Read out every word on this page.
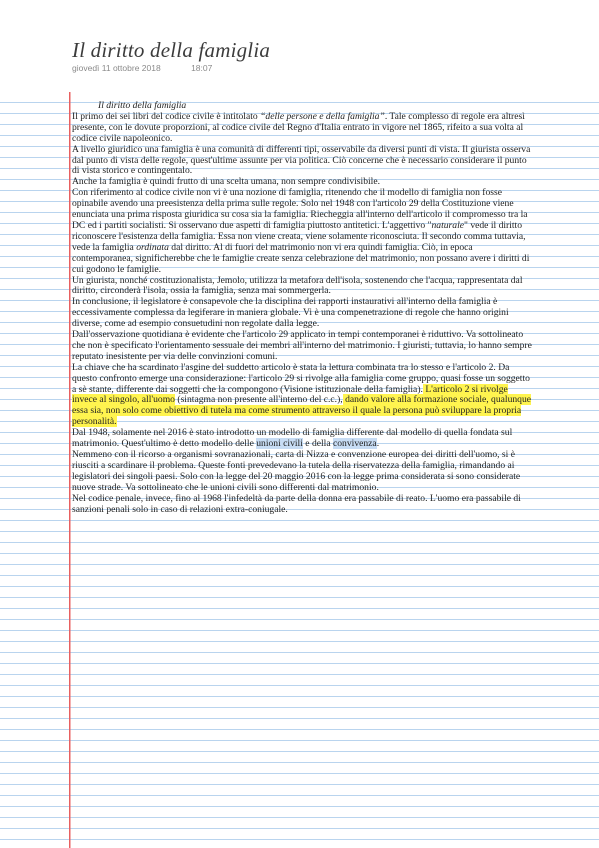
Il diritto della famiglia
giovedì 11 ottobre 2018	18:07

Il diritto della famiglia

Il primo dei sei libri del codice civile è intitolato “delle persone e della famiglia”. Tale complesso di regole era altresì presente, con le dovute proporzioni, al codice civile del Regno d'Italia entrato in vigore nel 1865, rifeito a sua volta al codice civile napoleonico.

A livello giuridico una famiglia è una comunità di differenti tipi, osservabile da diversi punti di vista. Il giurista osserva dal punto di vista delle regole, quest'ultime assunte per via politica. Ciò concerne che è necessario considerare il punto di vista storico e contingentalo.

Anche la famiglia è quindi frutto di una scelta umana, non sempre condivisibile.

Con riferimento al codice civile non vi è una nozione di famiglia, ritenendo che il modello di famiglia non fosse opinabile avendo una preesistenza della prima sulle regole. Solo nel 1948 con l'articolo 29 della Costituzione viene enunciata una prima risposta giuridica su cosa sia la famiglia. Riecheggia all'interno dell'articolo il compromesso tra la DC ed i partiti socialisti. Si osservano due aspetti di famiglia piuttosto antitetici. L'aggettivo "naturale" vede il diritto riconoscere l'esistenza della famiglia. Essa non viene creata, viene solamente riconosciuta. Il secondo comma tuttavia, vede la famiglia ordinata dal diritto. Al di fuori del matrimonio non vi era quindi famiglia. Ciò, in epoca contemporanea, significherebbe che le famiglie create senza celebrazione del matrimonio, non possano avere i diritti di cui godono le famiglie.

Un giurista, nonché costituzionalista, Jemolo, utilizza la metafora dell'isola, sostenendo che l'acqua, rappresentata dal diritto, circonderà l'isola, ossia la famiglia, senza mai sommergerla.

In conclusione, il legislatore è consapevole che la disciplina dei rapporti instaurativi all'interno della famiglia è eccessivamente complessa da legiferare in maniera globale. Vi è una compenetrazione di regole che hanno origini diverse, come ad esempio consuetudini non regolate dalla legge.

Dall'osservazione quotidiana è evidente che l'articolo 29 applicato in tempi contemporanei è riduttivo. Va sottolineato che non è specificato l'orientamento sessuale dei membri all'interno del matrimonio. I giuristi, tuttavia, lo hanno sempre reputato inesistente per via delle convinzioni comuni.

La chiave che ha scardinato l'asgine del suddetto articolo è stata la lettura combinata tra lo stesso e l'articolo 2. Da questo confronto emerge una considerazione: l'articolo 29 si rivolge alla famiglia come gruppo, quasi fosse un soggetto a sè stante, differente dai soggetti che la compongono (Visione istituzionale della famiglia). L'articolo 2 si rivolge invece al singolo, all'uomo (sintagma non presente all'interno del c.c.), dando valore alla formazione sociale, qualunque essa sia, non solo come obiettivo di tutela ma come strumento attraverso il quale la persona può sviluppare la propria personalità.

Dal 1948, solamente nel 2016 è stato introdotto un modello di famiglia differente dal modello di quella fondata sul matrimonio. Quest'ultimo è detto modello delle unioni civili e della convivenza.

Nemmeno con il ricorso a organismi sovranazionali, carta di Nizza e convenzione europea dei diritti dell'uomo, si è riusciti a scardinare il problema. Queste fonti prevedevano la tutela della riservatezza della famiglia, rimandando ai legislatori dei singoli paesi. Solo con la legge del 20 maggio 2016 con la legge prima considerata si sono considerate nuove strade. Va sottolineato che le unioni civili sono differenti dal matrimonio.

Nel codice penale, invece, fino al 1968 l'infedeltà da parte della donna era passabile di reato. L'uomo era passabile di sanzioni penali solo in caso di relazioni extra-coniugale.
